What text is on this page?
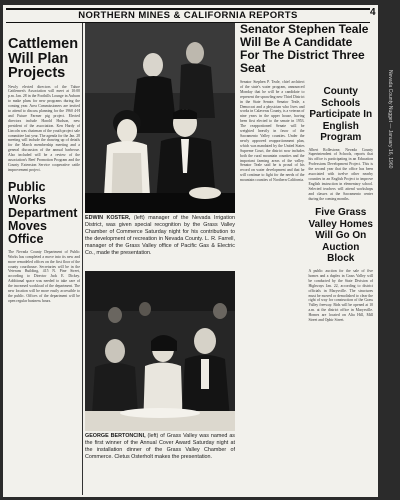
NORTHERN MINES & CALIFORNIA REPORTS	4
Cattlemen Will Plan Projects

Newly elected directors of the Tahoe Cattlemen's Association will meet at 10:00 p.m. Jan. 28 in the Foothills Lounge in Auburn to make plans for new programs during the coming year. Area Commissioners are invited to attend to discuss planning for the 1960 4-H and Future Farmer pig project. Elected directors include Harold Hudson, new president of the association. Ken Hardy of Lincoln was chairman of the youth project sale committee last year. The agenda for the Jan. 28 meeting will include the drawing up of details for the March membership meeting and a general discussion of the annual barbecue. Also included will be a review of the association's Beef Promotion Program and the County Extension Service cooperative cattle improvement project.

Public Works Department Moves Office

The Nevada County Department of Public Works has completed a move into its new and more remodeled offices on the first floor of the county courthouse. Secretaries will be in the Veterans Building, 415 N. Pine Street, according to Director Jack E. Dickey. Additional space was needed to take care of the increased workload of the department. The new location will be more easily accessible to the public. Offices of the department will be open regular business hours.

EDWIN KOSTER, (left) manager of the Nevada Irrigation District, was given special recognition by the Grass Valley Chamber of Commerce Saturday night for his contribution to the development of recreation in Nevada County. L. R. Farrell, manager of the Grass Valley office of Pacific Gas & Electric Co., made the presentation.
GEORGE BERTONCINI, (left) of Grass Valley was named as the first winner of the Annual Cover Award Saturday night at the installation dinner of the Grass Valley Chamber of Commerce. Cletus Osterholt makes the presentation.
Senator Stephen Teale Will Be A Candidate For The District Three Seat

Senator Stephen P. Teale, chief architect of the state's water program, announced Monday that he will be a candidate to represent the sprawling new Third District in the State Senate. Senator Teale, a Democrat and a physician who lives and works in Calaveras County, is a veteran of nine years in the upper house, having been first elected to the senate in 1953. The reapportioned Senate will be weighted heavily in favor of the Sacramento Valley counties. Under the newly approved reapportionment plan, which was mandated by the United States Supreme Court, the district now includes both the rural mountain counties and the important farming areas of the valley. Senator Teale said he is proud of his record on water development and that he will continue to fight for the needs of the mountain counties of Northern California.

County Schools Participate In English Program

Albert Rollestone, Nevada County Superintendent of Schools, reports that his office is participating in an Education Professions Development Project. This is the second year that the office has been associated with twelve other nearby counties in an English Project to improve English instruction in elementary school. Selected teachers will attend workshops and classes at the Sacramento center during the coming months.

Five Grass Valley Homes Will Go On Auction Block

A public auction for the sale of five homes and a duplex in Grass Valley will be conducted by the State Division of Highways Jan. 22, according to district officials in Marysville. The structures must be moved or demolished to clear the right of way for construction of the Grass Valley freeway. Bids will be opened at 10 a.m. at the district office in Marysville. Homes are located on Alta Hill, Mill Street and Ophir Street.

Nevada County Nugget — January 16, 1960
